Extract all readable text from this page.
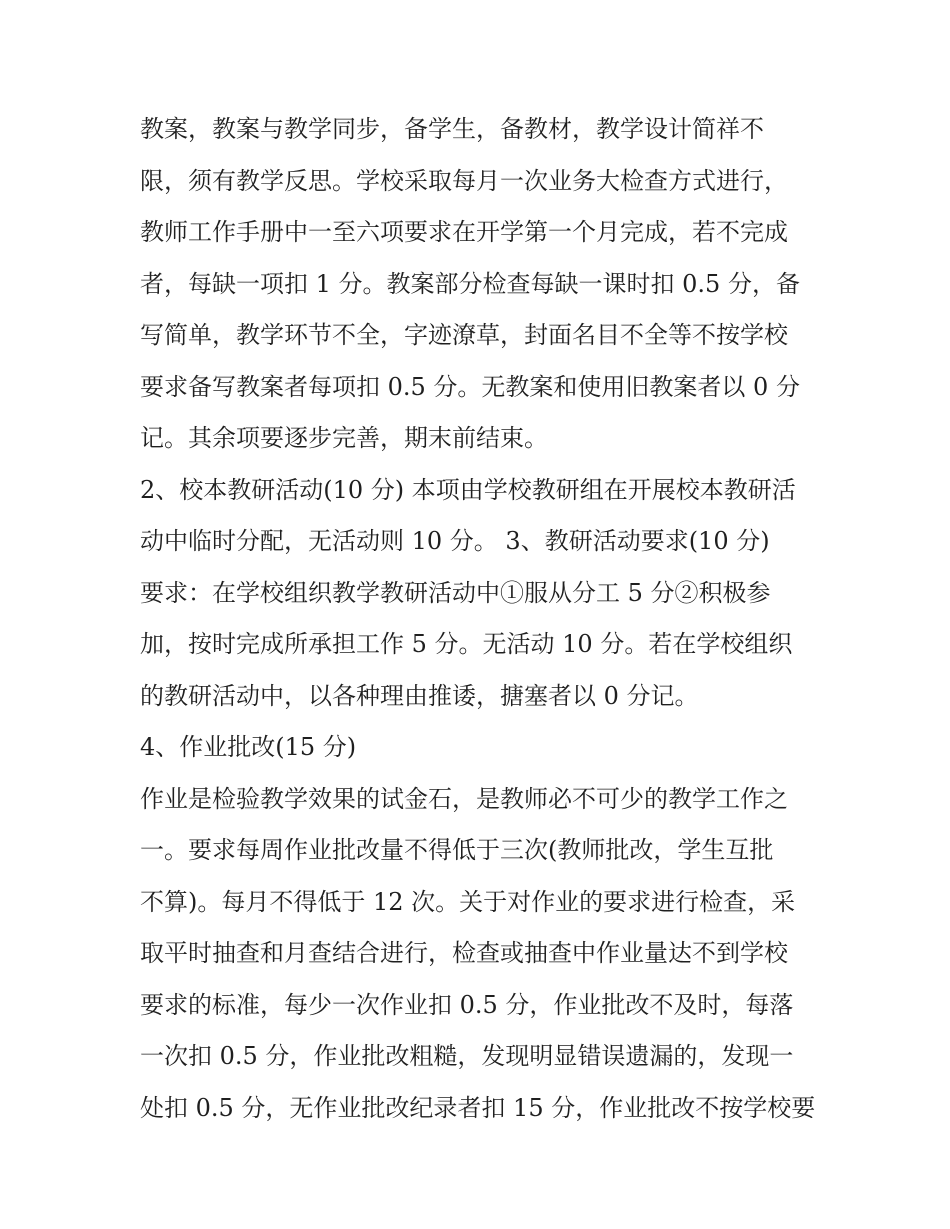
教案，教案与教学同步，备学生，备教材，教学设计简祥不
限，须有教学反思。学校采取每月一次业务大检查方式进行，
教师工作手册中一至六项要求在开学第一个月完成，若不完成
者，每缺一项扣 1 分。教案部分检查每缺一课时扣 0.5 分，备
写简单，教学环节不全，字迹潦草，封面名目不全等不按学校
要求备写教案者每项扣 0.5 分。无教案和使用旧教案者以 0 分
记。其余项要逐步完善，期末前结束。
2、校本教研活动(10 分) 本项由学校教研组在开展校本教研活
动中临时分配，无活动则 10 分。 3、教研活动要求(10 分)
要求：在学校组织教学教研活动中①服从分工 5 分②积极参
加，按时完成所承担工作 5 分。无活动 10 分。若在学校组织
的教研活动中，以各种理由推诿，搪塞者以 0 分记。
4、作业批改(15 分)
作业是检验教学效果的试金石，是教师必不可少的教学工作之
一。要求每周作业批改量不得低于三次(教师批改，学生互批
不算)。每月不得低于 12 次。关于对作业的要求进行检查，采
取平时抽查和月查结合进行，检查或抽查中作业量达不到学校
要求的标准，每少一次作业扣 0.5 分，作业批改不及时，每落
一次扣 0.5 分，作业批改粗糙，发现明显错误遗漏的，发现一
处扣 0.5 分，无作业批改纪录者扣 15 分，作业批改不按学校要
